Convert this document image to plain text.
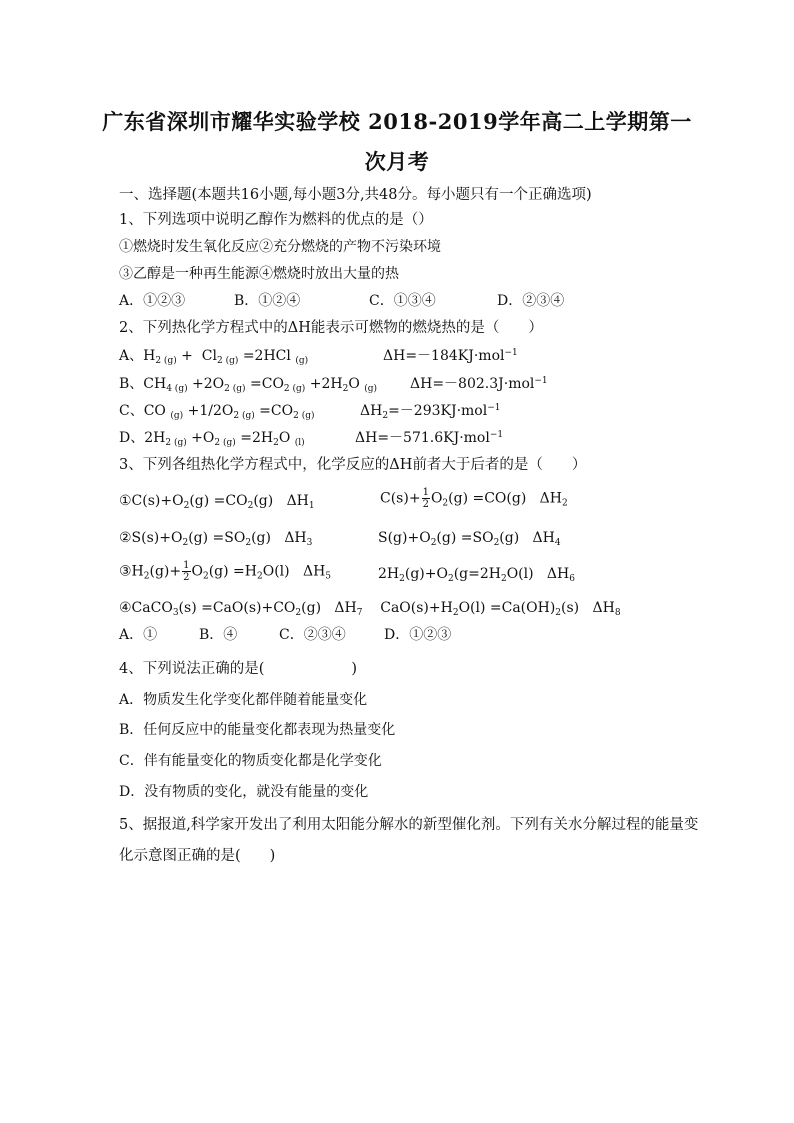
广东省深圳市耀华实验学校 2018-2019学年高二上学期第一
次月考
一、选择题(本题共16小题,每小题3分,共48分。每小题只有一个正确选项)
1、下列选项中说明乙醇作为燃料的优点的是（）
①燃烧时发生氧化反应②充分燃烧的产物不污染环境
③乙醇是一种再生能源④燃烧时放出大量的热
A．①②③	B．①②④	C．①③④	D．②③④
2、下列热化学方程式中的ΔH能表示可燃物的燃烧热的是（　　）
A、$H_{2 (g)} + Cl_{2 (g)} =2HCl$ $_{(g)}$	ΔH=－184KJ·mol$^{-1}$
B、$CH_{4 (g)} +2O_{2 (g)} =CO_{2 (g)} +2H_2O$ $_{(g)}$ ΔH=－802.3J·mol$^{-1}$
C、CO $_{(g)} +1/2O_{2 (g)} =CO_{2 (g)}$	$\Delta H_2=-293KJ\cdot mol^{-1}$
D、$2H_{2 (g)} +O_{2 (g)} =2H_2O$ $_{(l)}$	ΔH=－571.6KJ·mol$^{-1}$
3、下列各组热化学方程式中，化学反应的ΔH前者大于后者的是（　　）
$①C(s)+O_2(g) =CO_2(g)$   $\Delta H_1$	$C(s)+ \frac{1}{2} O_2(g) =CO(g)$   $\Delta H_2$
$②S(s)+O_2(g) =SO_2(g)$   $\Delta H_3$	$S(g)+O_2(g) =SO_2(g)$   $\Delta H_4$
$③H_2(g)+ \frac{1}{2} O_2(g) =H_2O(l)$   $\Delta H_5$	$2H_2(g)+O_2(g=2H_2O(l)$   $\Delta H_6$
④CaCO$_3$(s) $=CaO(s)+CO_2(g)$   $\Delta H_7$    $CaO(s)+H_2O(l) =Ca(OH)_2(s)$   $\Delta H_8$
A．①	B．④	C．②③④	D．①②③
4、下列说法正确的是(　　　　　　)
A．物质发生化学变化都伴随着能量变化
B．任何反应中的能量变化都表现为热量变化
C．伴有能量变化的物质变化都是化学变化
D．没有物质的变化，就没有能量的变化
5、据报道,科学家开发出了利用太阳能分解水的新型催化剂。下列有关水分解过程的能量变
化示意图正确的是(　　)
